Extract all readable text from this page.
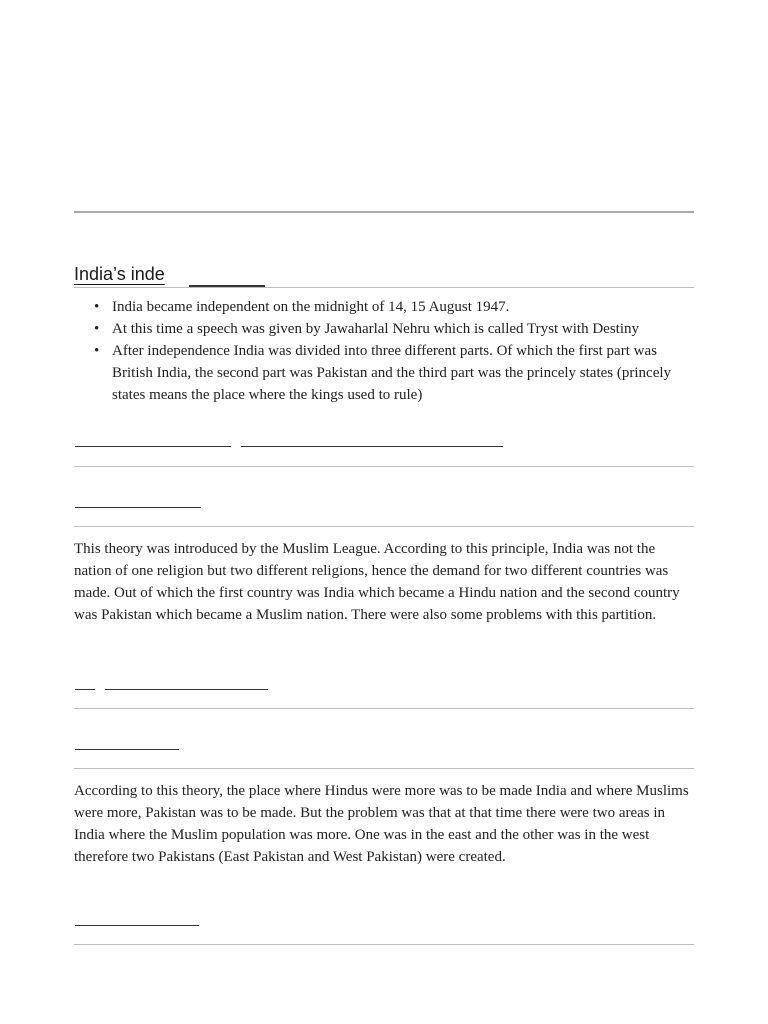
India’s inde
• India became independent on the midnight of 14, 15 August 1947.
• At this time a speech was given by Jawaharlal Nehru which is called Tryst with Destiny
• After independence India was divided into three different parts. Of which the first part was British India, the second part was Pakistan and the third part was the princely states (princely states means the place where the kings used to rule)

This theory was introduced by the Muslim League. According to this principle, India was not the nation of one religion but two different religions, hence the demand for two different countries was made. Out of which the first country was India which became a Hindu nation and the second country was Pakistan which became a Muslim nation. There were also some problems with this partition.

According to this theory, the place where Hindus were more was to be made India and where Muslims were more, Pakistan was to be made. But the problem was that at that time there were two areas in India where the Muslim population was more. One was in the east and the other was in the west therefore two Pakistans (East Pakistan and West Pakistan) were created.
